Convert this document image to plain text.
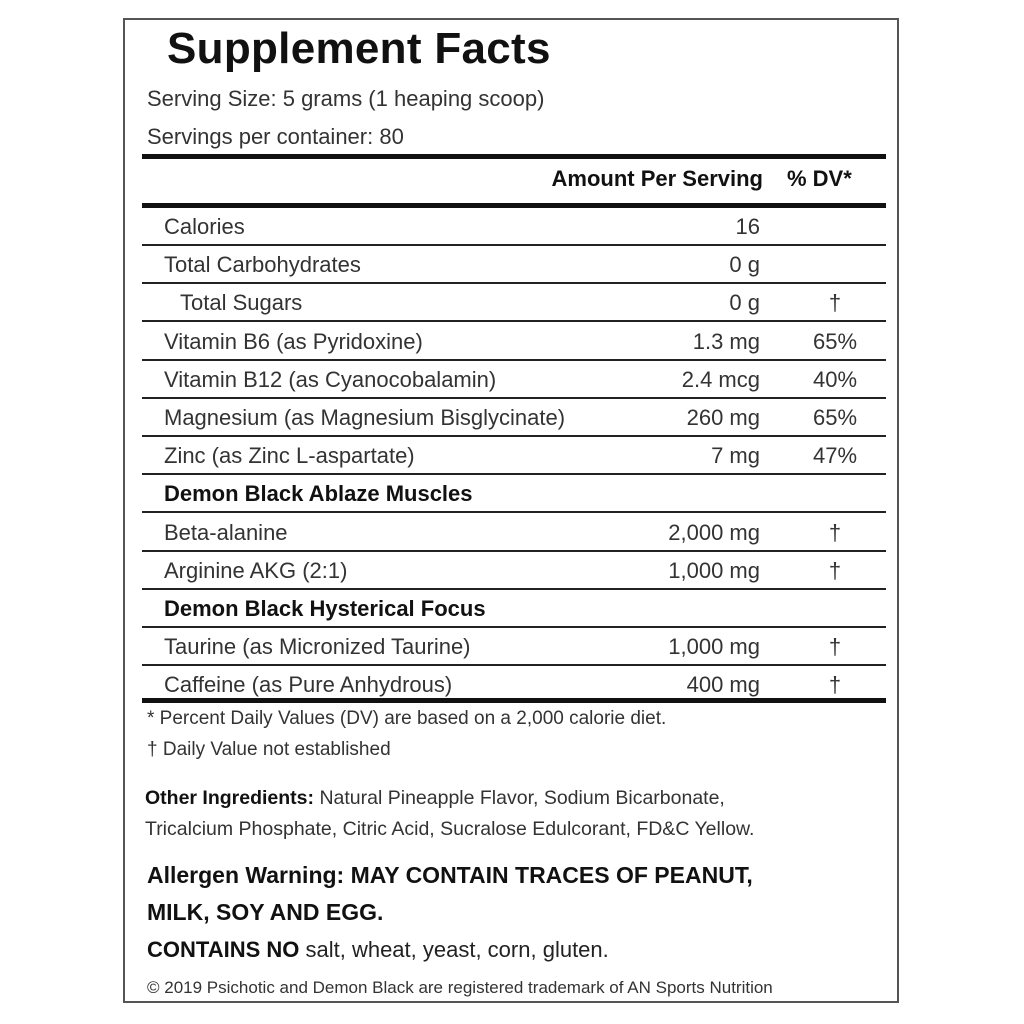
Supplement Facts
Serving Size: 5 grams (1 heaping scoop)
Servings per container: 80
Amount Per Serving % DV*
Calories	16
Total Carbohydrates	0 g
Total Sugars	0 g	†
Vitamin B6 (as Pyridoxine)	1.3 mg	65%
Vitamin B12 (as Cyanocobalamin)	2.4 mcg	40%
Magnesium (as Magnesium Bisglycinate)	260 mg	65%
Zinc (as Zinc L-aspartate)	7 mg	47%
Demon Black Ablaze Muscles
Beta-alanine	2,000 mg	†
Arginine AKG (2:1)	1,000 mg	†
Demon Black Hysterical Focus
Taurine (as Micronized Taurine)	1,000 mg	†
Caffeine (as Pure Anhydrous)	400 mg	†
* Percent Daily Values (DV) are based on a 2,000 calorie diet.
† Daily Value not established
Other Ingredients: Natural Pineapple Flavor, Sodium Bicarbonate,
Tricalcium Phosphate, Citric Acid, Sucralose Edulcorant, FD&C Yellow.
Allergen Warning: MAY CONTAIN TRACES OF PEANUT,
MILK, SOY AND EGG.
CONTAINS NO salt, wheat, yeast, corn, gluten.
© 2019 Psichotic and Demon Black are registered trademark of AN Sports Nutrition
